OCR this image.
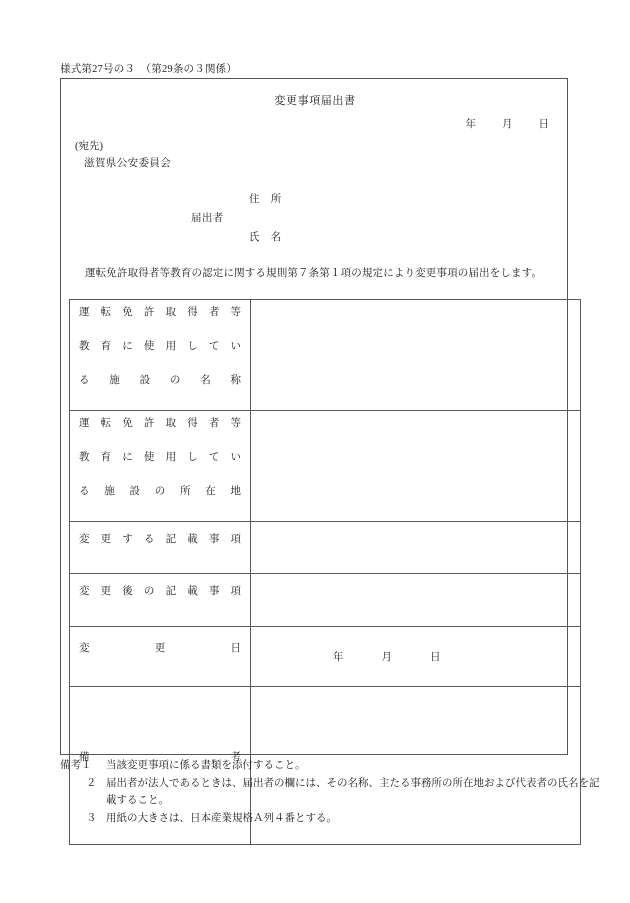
様式第27号の３　（第29条の３関係）
変更事項届出書
年 月 日
(宛先)
滋賀県公安委員会
届出者
住　所
氏　名
運転免許取得者等教育の認定に関する規則第７条第１項の規定により変更事項の届出をします。
運転免許取得者等
教育に使用してい
る施設の名称	

運転免許取得者等
教育に使用してい
る施設の所在地	

変更する記載事項	

変更後の記載事項	

変更日	年 月 日

備考	

備考１ 当該変更事項に係る書類を添付すること。
２ 届出者が法人であるときは、届出者の欄には、その名称、主たる事務所の所在地および代表者の氏名を記
載すること。
３ 用紙の大きさは、日本産業規格Ａ列４番とする。
